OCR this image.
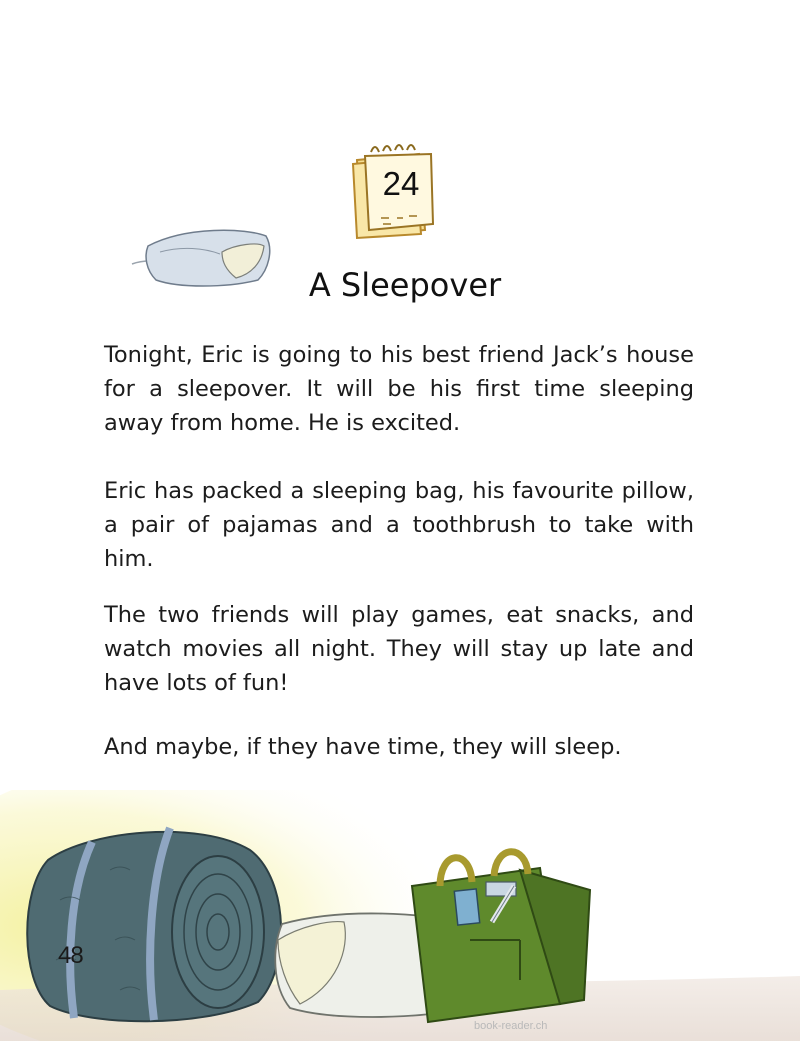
24
A Sleepover

Tonight, Eric is going to his best friend Jack’s house for a sleepover. It will be his first time sleeping away from home. He is excited.

Eric has packed a sleeping bag, his favourite pillow, a pair of pajamas and a toothbrush to take with him.

The two friends will play games, eat snacks, and watch movies all night. They will stay up late and have lots of fun!

And maybe, if they have time, they will sleep.

48
book-reader.ch
